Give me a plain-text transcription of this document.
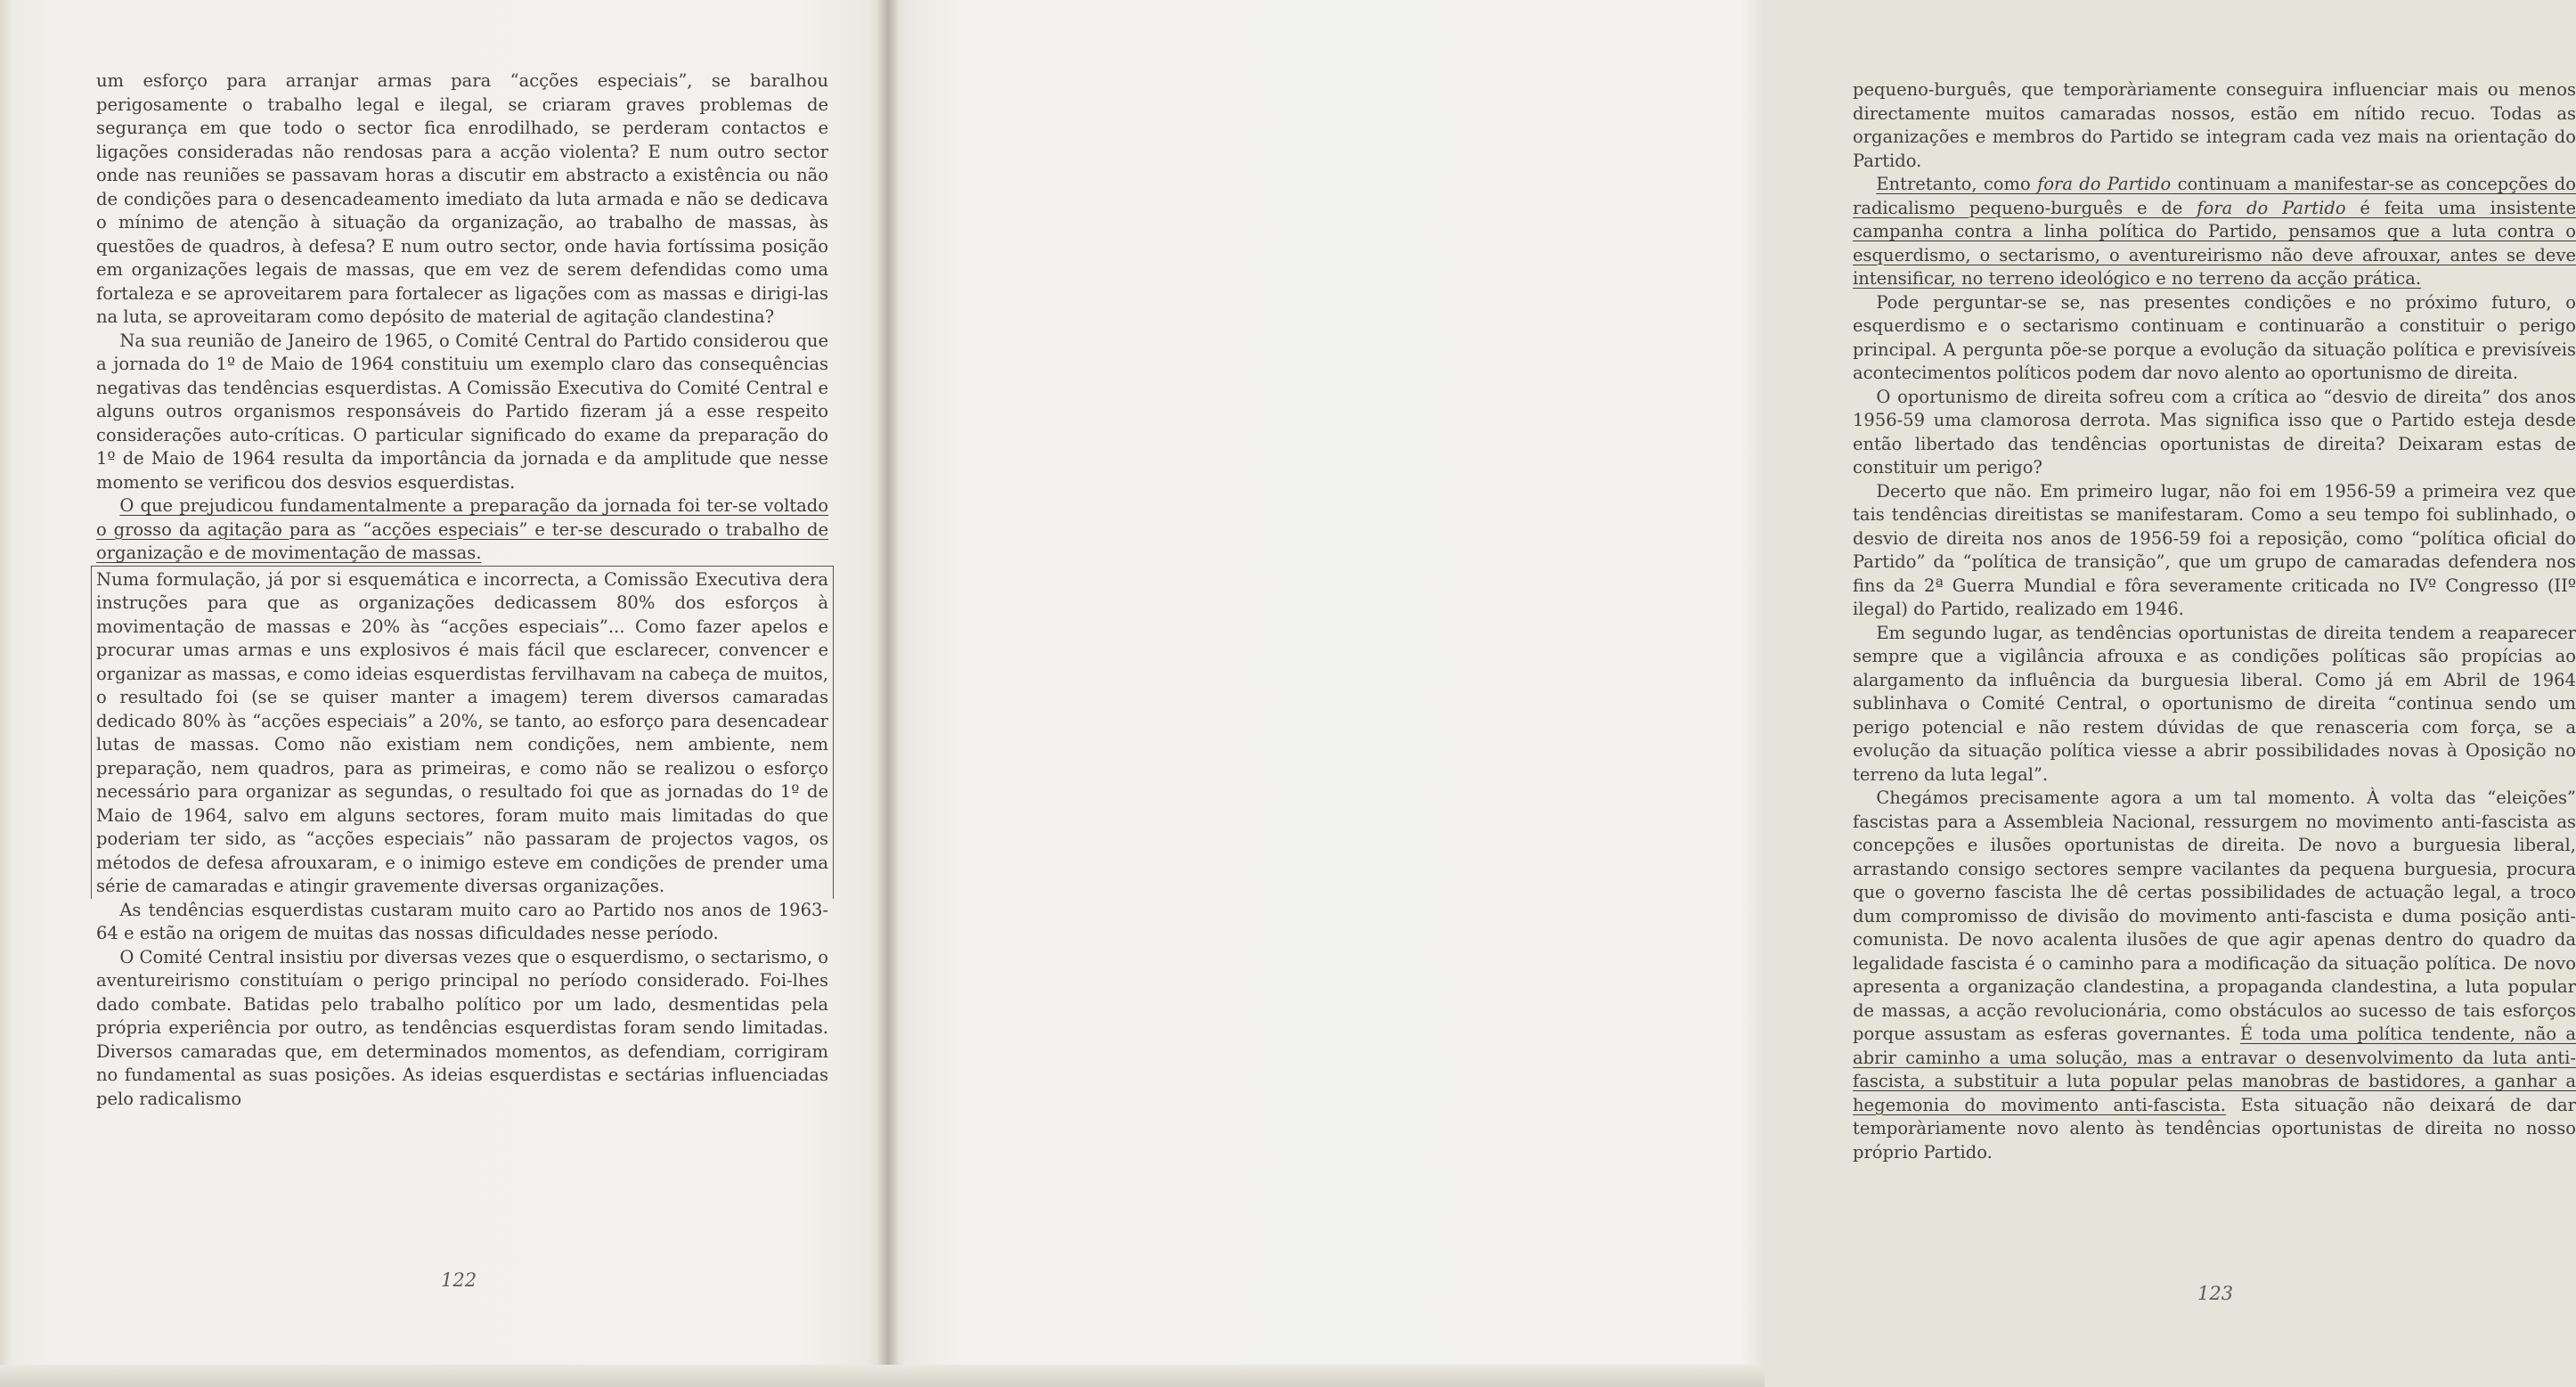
um esforço para arranjar armas para “acções especiais”, se baralhou perigosamente o trabalho legal e ilegal, se criaram graves problemas de segurança em que todo o sector fica enrodilhado, se perderam contactos e ligações consideradas não rendosas para a acção violenta? E num outro sector onde nas reuniões se passavam horas a discutir em abstracto a existência ou não de condições para o desencadeamento imediato da luta armada e não se dedicava o mínimo de atenção à situação da organização, ao trabalho de massas, às questões de quadros, à defesa? E num outro sector, onde havia fortíssima posição em organizações legais de massas, que em vez de serem defendidas como uma fortaleza e se aproveitarem para fortalecer as ligações com as massas e dirigi-las na luta, se aproveitaram como depósito de material de agitação clandestina?

Na sua reunião de Janeiro de 1965, o Comité Central do Partido considerou que a jornada do 1º de Maio de 1964 constituiu um exemplo claro das consequências negativas das tendências esquerdistas. A Comissão Executiva do Comité Central e alguns outros organismos responsáveis do Partido fizeram já a esse respeito considerações auto-críticas. O particular significado do exame da preparação do 1º de Maio de 1964 resulta da importância da jornada e da amplitude que nesse momento se verificou dos desvios esquerdistas.

O que prejudicou fundamentalmente a preparação da jornada foi ter-se voltado o grosso da agitação para as “acções especiais” e ter-se descurado o trabalho de organização e de movimentação de massas.

Numa formulação, já por si esquemática e incorrecta, a Comissão Executiva dera instruções para que as organizações dedicassem 80% dos esforços à movimentação de massas e 20% às “acções especiais”... Como fazer apelos e procurar umas armas e uns explosivos é mais fácil que esclarecer, convencer e organizar as massas, e como ideias esquerdistas fervilhavam na cabeça de muitos, o resultado foi (se se quiser manter a imagem) terem diversos camaradas dedicado 80% às “acções especiais” a 20%, se tanto, ao esforço para desencadear lutas de massas. Como não existiam nem condições, nem ambiente, nem preparação, nem quadros, para as primeiras, e como não se realizou o esforço necessário para organizar as segundas, o resultado foi que as jornadas do 1º de Maio de 1964, salvo em alguns sectores, foram muito mais limitadas do que poderiam ter sido, as “acções especiais” não passaram de projectos vagos, os métodos de defesa afrouxaram, e o inimigo esteve em condições de prender uma série de camaradas e atingir gravemente diversas organizações.

As tendências esquerdistas custaram muito caro ao Partido nos anos de 1963-64 e estão na origem de muitas das nossas dificuldades nesse período.

O Comité Central insistiu por diversas vezes que o esquerdismo, o sectarismo, o aventureirismo constituíam o perigo principal no período considerado. Foi-lhes dado combate. Batidas pelo trabalho político por um lado, desmentidas pela própria experiência por outro, as tendências esquerdistas foram sendo limitadas. Diversos camaradas que, em determinados momentos, as defendiam, corrigiram no fundamental as suas posições. As ideias esquerdistas e sectárias influenciadas pelo radicalismo

122

pequeno-burguês, que temporàriamente conseguira influenciar mais ou menos directamente muitos camaradas nossos, estão em nítido recuo. Todas as organizações e membros do Partido se integram cada vez mais na orientação do Partido.

Entretanto, como fora do Partido continuam a manifestar-se as concepções do radicalismo pequeno-burguês e de fora do Partido é feita uma insistente campanha contra a linha política do Partido, pensamos que a luta contra o esquerdismo, o sectarismo, o aventureirismo não deve afrouxar, antes se deve intensificar, no terreno ideológico e no terreno da acção prática.

Pode perguntar-se se, nas presentes condições e no próximo futuro, o esquerdismo e o sectarismo continuam e continuarão a constituir o perigo principal. A pergunta põe-se porque a evolução da situação política e previsíveis acontecimentos políticos podem dar novo alento ao oportunismo de direita.

O oportunismo de direita sofreu com a crítica ao “desvio de direita” dos anos 1956-59 uma clamorosa derrota. Mas significa isso que o Partido esteja desde então libertado das tendências oportunistas de direita? Deixaram estas de constituir um perigo?

Decerto que não. Em primeiro lugar, não foi em 1956-59 a primeira vez que tais tendências direitistas se manifestaram. Como a seu tempo foi sublinhado, o desvio de direita nos anos de 1956-59 foi a reposição, como “política oficial do Partido” da “política de transição”, que um grupo de camaradas defendera nos fins da 2ª Guerra Mundial e fôra severamente criticada no IVº Congresso (IIº ilegal) do Partido, realizado em 1946.

Em segundo lugar, as tendências oportunistas de direita tendem a reaparecer sempre que a vigilância afrouxa e as condições políticas são propícias ao alargamento da influência da burguesia liberal. Como já em Abril de 1964 sublinhava o Comité Central, o oportunismo de direita “continua sendo um perigo potencial e não restem dúvidas de que renasceria com força, se a evolução da situação política viesse a abrir possibilidades novas à Oposição no terreno da luta legal”.

Chegámos precisamente agora a um tal momento. À volta das “eleições” fascistas para a Assembleia Nacional, ressurgem no movimento anti-fascista as concepções e ilusões oportunistas de direita. De novo a burguesia liberal, arrastando consigo sectores sempre vacilantes da pequena burguesia, procura que o governo fascista lhe dê certas possibilidades de actuação legal, a troco dum compromisso de divisão do movimento anti-fascista e duma posição anti-comunista. De novo acalenta ilusões de que agir apenas dentro do quadro da legalidade fascista é o caminho para a modificação da situação política. De novo apresenta a organização clandestina, a propaganda clandestina, a luta popular de massas, a acção revolucionária, como obstáculos ao sucesso de tais esforços porque assustam as esferas governantes. É toda uma política tendente, não a abrir caminho a uma solução, mas a entravar o desenvolvimento da luta anti-fascista, a substituir a luta popular pelas manobras de bastidores, a ganhar a hegemonia do movimento anti-fascista. Esta situação não deixará de dar temporàriamente novo alento às tendências oportunistas de direita no nosso próprio Partido.

123
